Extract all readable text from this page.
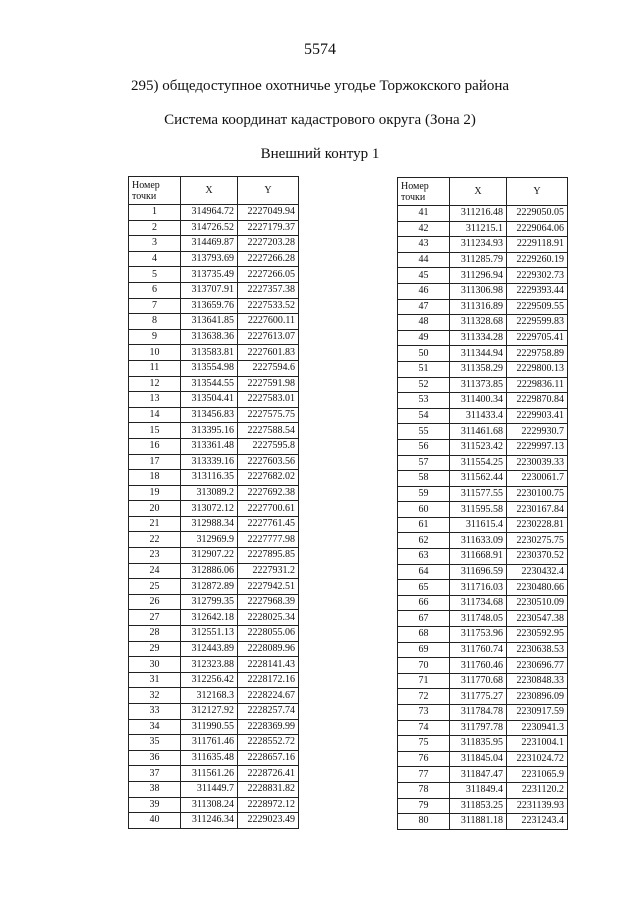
5574
295) общедоступное охотничье угодье Торжокского района
Система координат кадастрового округа (Зона 2)
Внешний контур 1
Номер точки	X	Y
1	314964.72	2227049.94
2	314726.52	2227179.37
3	314469.87	2227203.28
4	313793.69	2227266.28
5	313735.49	2227266.05
6	313707.91	2227357.38
7	313659.76	2227533.52
8	313641.85	2227600.11
9	313638.36	2227613.07
10	313583.81	2227601.83
11	313554.98	2227594.6
12	313544.55	2227591.98
13	313504.41	2227583.01
14	313456.83	2227575.75
15	313395.16	2227588.54
16	313361.48	2227595.8
17	313339.16	2227603.56
18	313116.35	2227682.02
19	313089.2	2227692.38
20	313072.12	2227700.61
21	312988.34	2227761.45
22	312969.9	2227777.98
23	312907.22	2227895.85
24	312886.06	2227931.2
25	312872.89	2227942.51
26	312799.35	2227968.39
27	312642.18	2228025.34
28	312551.13	2228055.06
29	312443.89	2228089.96
30	312323.88	2228141.43
31	312256.42	2228172.16
32	312168.3	2228224.67
33	312127.92	2228257.74
34	311990.55	2228369.99
35	311761.46	2228552.72
36	311635.48	2228657.16
37	311561.26	2228726.41
38	311449.7	2228831.82
39	311308.24	2228972.12
40	311246.34	2229023.49
Номер точки	X	Y
41	311216.48	2229050.05
42	311215.1	2229064.06
43	311234.93	2229118.91
44	311285.79	2229260.19
45	311296.94	2229302.73
46	311306.98	2229393.44
47	311316.89	2229509.55
48	311328.68	2229599.83
49	311334.28	2229705.41
50	311344.94	2229758.89
51	311358.29	2229800.13
52	311373.85	2229836.11
53	311400.34	2229870.84
54	311433.4	2229903.41
55	311461.68	2229930.7
56	311523.42	2229997.13
57	311554.25	2230039.33
58	311562.44	2230061.7
59	311577.55	2230100.75
60	311595.58	2230167.84
61	311615.4	2230228.81
62	311633.09	2230275.75
63	311668.91	2230370.52
64	311696.59	2230432.4
65	311716.03	2230480.66
66	311734.68	2230510.09
67	311748.05	2230547.38
68	311753.96	2230592.95
69	311760.74	2230638.53
70	311760.46	2230696.77
71	311770.68	2230848.33
72	311775.27	2230896.09
73	311784.78	2230917.59
74	311797.78	2230941.3
75	311835.95	2231004.1
76	311845.04	2231024.72
77	311847.47	2231065.9
78	311849.4	2231120.2
79	311853.25	2231139.93
80	311881.18	2231243.4
